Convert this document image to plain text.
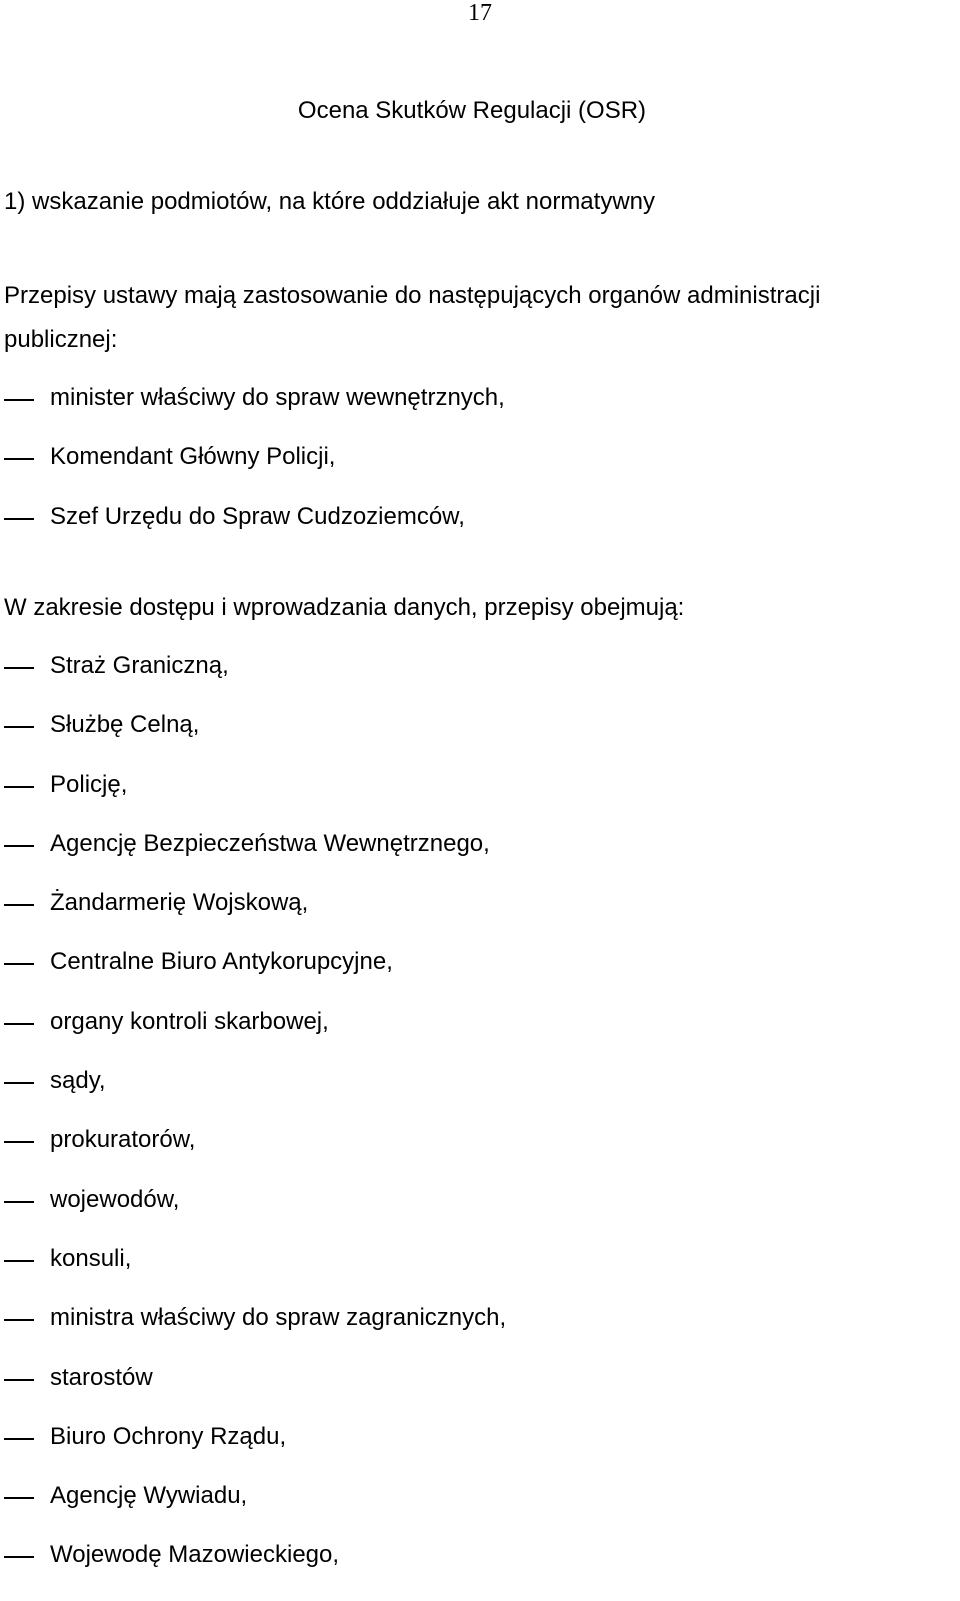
17
Ocena Skutków Regulacji (OSR)
1) wskazanie podmiotów, na które oddziałuje akt normatywny
Przepisy ustawy mają zastosowanie do następujących organów administracji
publicznej:
minister właściwy do spraw wewnętrznych,
Komendant Główny Policji,
Szef Urzędu do Spraw Cudzoziemców,
W zakresie dostępu i wprowadzania danych, przepisy obejmują:
Straż Graniczną,
Służbę Celną,
Policję,
Agencję Bezpieczeństwa Wewnętrznego,
Żandarmerię Wojskową,
Centralne Biuro Antykorupcyjne,
organy kontroli skarbowej,
sądy,
prokuratorów,
wojewodów,
konsuli,
ministra właściwy do spraw zagranicznych,
starostów
Biuro Ochrony Rządu,
Agencję Wywiadu,
Wojewodę Mazowieckiego,
